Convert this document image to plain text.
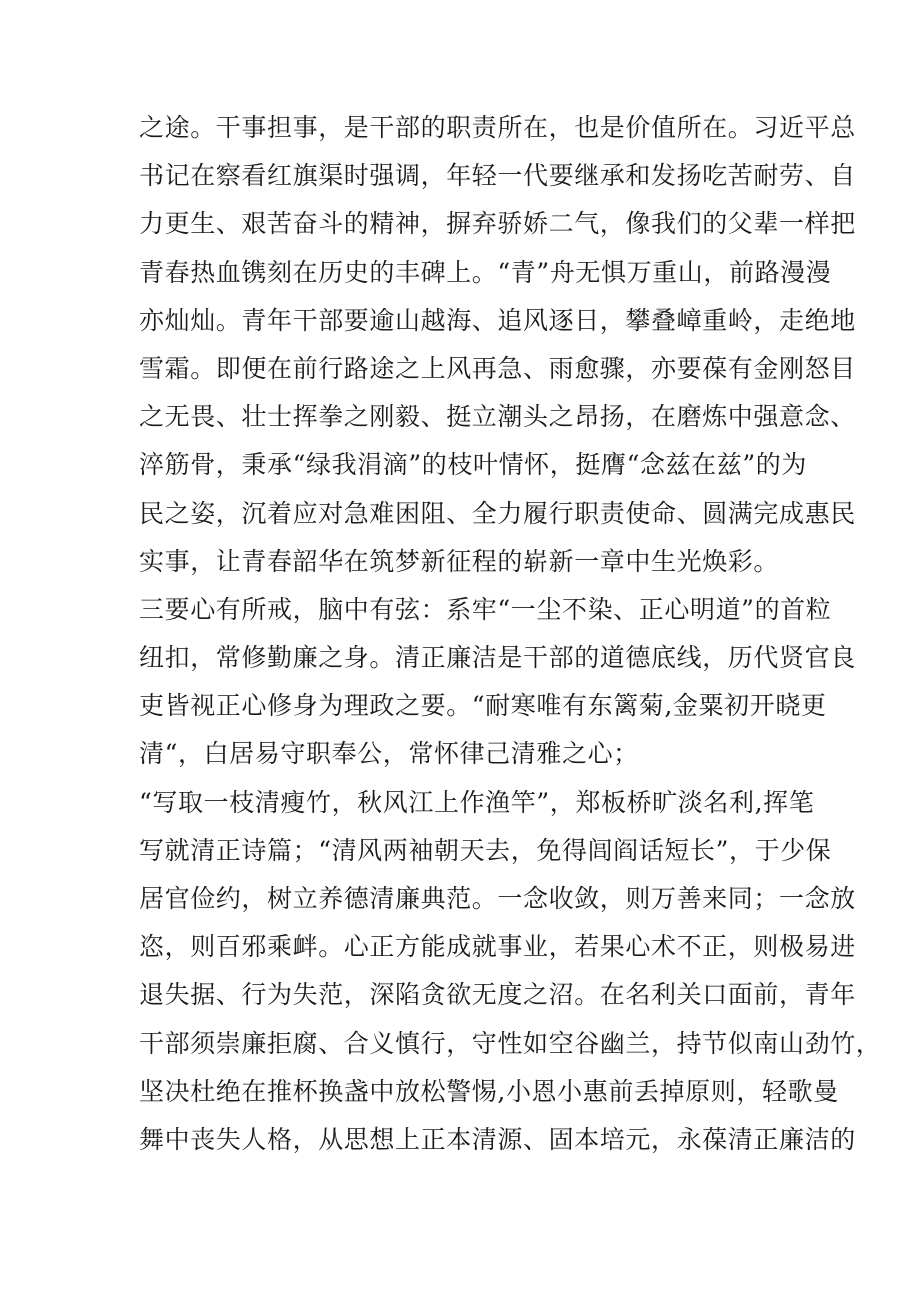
之途。干事担事，是干部的职责所在，也是价值所在。习近平总
书记在察看红旗渠时强调，年轻一代要继承和发扬吃苦耐劳、自
力更生、艰苦奋斗的精神，摒弃骄娇二气，像我们的父辈一样把
青春热血镌刻在历史的丰碑上。“青”舟无惧万重山，前路漫漫
亦灿灿。青年干部要逾山越海、追风逐日，攀叠嶂重岭，走绝地
雪霜。即便在前行路途之上风再急、雨愈骤，亦要葆有金刚怒目
之无畏、壮士挥拳之刚毅、挺立潮头之昂扬，在磨炼中强意念、
淬筋骨，秉承“绿我涓滴”的枝叶情怀，挺膺“念兹在兹”的为
民之姿，沉着应对急难困阻、全力履行职责使命、圆满完成惠民
实事，让青春韶华在筑梦新征程的崭新一章中生光焕彩。
三要心有所戒，脑中有弦：系牢“一尘不染、正心明道”的首粒
纽扣，常修勤廉之身。清正廉洁是干部的道德底线，历代贤官良
吏皆视正心修身为理政之要。“耐寒唯有东篱菊,金粟初开晓更
清“，白居易守职奉公，常怀律己清雅之心；
“写取一枝清瘦竹，秋风江上作渔竿”，郑板桥旷淡名利,挥笔
写就清正诗篇；“清风两袖朝天去，免得闾阎话短长”，于少保
居官俭约，树立养德清廉典范。一念收敛，则万善来同；一念放
恣，则百邪乘衅。心正方能成就事业，若果心术不正，则极易进
退失据、行为失范，深陷贪欲无度之沼。在名利关口面前，青年
干部须崇廉拒腐、合义慎行，守性如空谷幽兰，持节似南山劲竹，
坚决杜绝在推杯换盏中放松警惕,小恩小惠前丢掉原则，轻歌曼
舞中丧失人格，从思想上正本清源、固本培元，永葆清正廉洁的
